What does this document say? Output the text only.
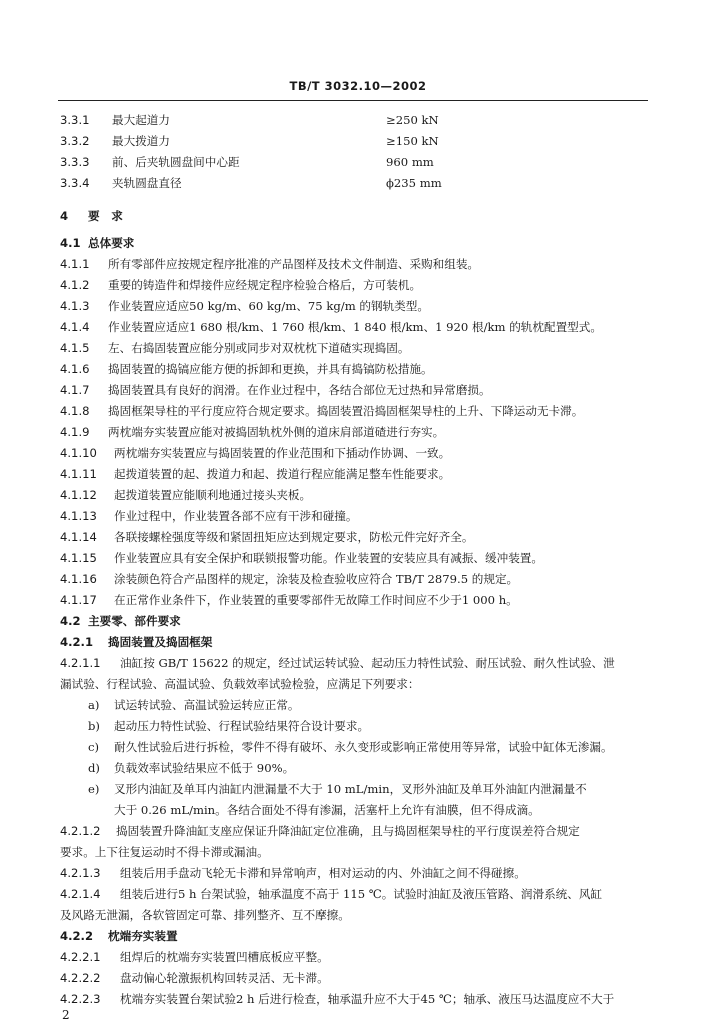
TB/T 3032.10—2002
3.3.1 最大起道力	≥250 kN
3.3.2 最大拨道力	≥150 kN
3.3.3 前、后夹轨圆盘间中心距	960 mm
3.3.4 夹轨圆盘直径	ϕ235 mm
4 要　求
4.1 总体要求
4.1.1 所有零部件应按规定程序批准的产品图样及技术文件制造、采购和组装。
4.1.2 重要的铸造件和焊接件应经规定程序检验合格后，方可装机。
4.1.3 作业装置应适应50 kg/m、60 kg/m、75 kg/m 的钢轨类型。
4.1.4 作业装置应适应1 680 根/km、1 760 根/km、1 840 根/km、1 920 根/km 的轨枕配置型式。
4.1.5 左、右捣固装置应能分别或同步对双枕枕下道碴实现捣固。
4.1.6 捣固装置的捣镐应能方便的拆卸和更换，并具有捣镐防松措施。
4.1.7 捣固装置具有良好的润滑。在作业过程中，各结合部位无过热和异常磨损。
4.1.8 捣固框架导柱的平行度应符合规定要求。捣固装置沿捣固框架导柱的上升、下降运动无卡滞。
4.1.9 两枕端夯实装置应能对被捣固轨枕外侧的道床肩部道碴进行夯实。
4.1.10 两枕端夯实装置应与捣固装置的作业范围和下插动作协调、一致。
4.1.11 起拨道装置的起、拨道力和起、拨道行程应能满足整车性能要求。
4.1.12 起拨道装置应能顺利地通过接头夹板。
4.1.13 作业过程中，作业装置各部不应有干涉和碰撞。
4.1.14 各联接螺栓强度等级和紧固扭矩应达到规定要求，防松元件完好齐全。
4.1.15 作业装置应具有安全保护和联锁报警功能。作业装置的安装应具有减振、缓冲装置。
4.1.16 涂装颜色符合产品图样的规定，涂装及检查验收应符合 TB/T 2879.5 的规定。
4.1.17 在正常作业条件下，作业装置的重要零部件无故障工作时间应不少于1 000 h。
4.2 主要零、部件要求
4.2.1 捣固装置及捣固框架
4.2.1.1 油缸按 GB/T 15622 的规定，经过试运转试验、起动压力特性试验、耐压试验、耐久性试验、泄
漏试验、行程试验、高温试验、负载效率试验检验，应满足下列要求：
a) 试运转试验、高温试验运转应正常。
b) 起动压力特性试验、行程试验结果符合设计要求。
c) 耐久性试验后进行拆检，零件不得有破坏、永久变形或影响正常使用等异常，试验中缸体无渗漏。
d) 负载效率试验结果应不低于 90%。
e) 叉形内油缸及单耳内油缸内泄漏量不大于 10 mL/min，叉形外油缸及单耳外油缸内泄漏量不
大于 0.26 mL/min。各结合面处不得有渗漏，活塞杆上允许有油膜，但不得成滴。
4.2.1.2 捣固装置升降油缸支座应保证升降油缸定位准确，且与捣固框架导柱的平行度误差符合规定
要求。上下往复运动时不得卡滞或漏油。
4.2.1.3 组装后用手盘动飞轮无卡滞和异常响声，相对运动的内、外油缸之间不得碰擦。
4.2.1.4 组装后进行5 h 台架试验，轴承温度不高于 115 ℃。试验时油缸及液压管路、润滑系统、风缸
及风路无泄漏，各软管固定可靠、排列整齐、互不摩擦。
4.2.2 枕端夯实装置
4.2.2.1 组焊后的枕端夯实装置凹槽底板应平整。
4.2.2.2 盘动偏心轮激振机构回转灵活、无卡滞。
4.2.2.3 枕端夯实装置台架试验2 h 后进行检查，轴承温升应不大于45 ℃；轴承、液压马达温度应不大于
2
